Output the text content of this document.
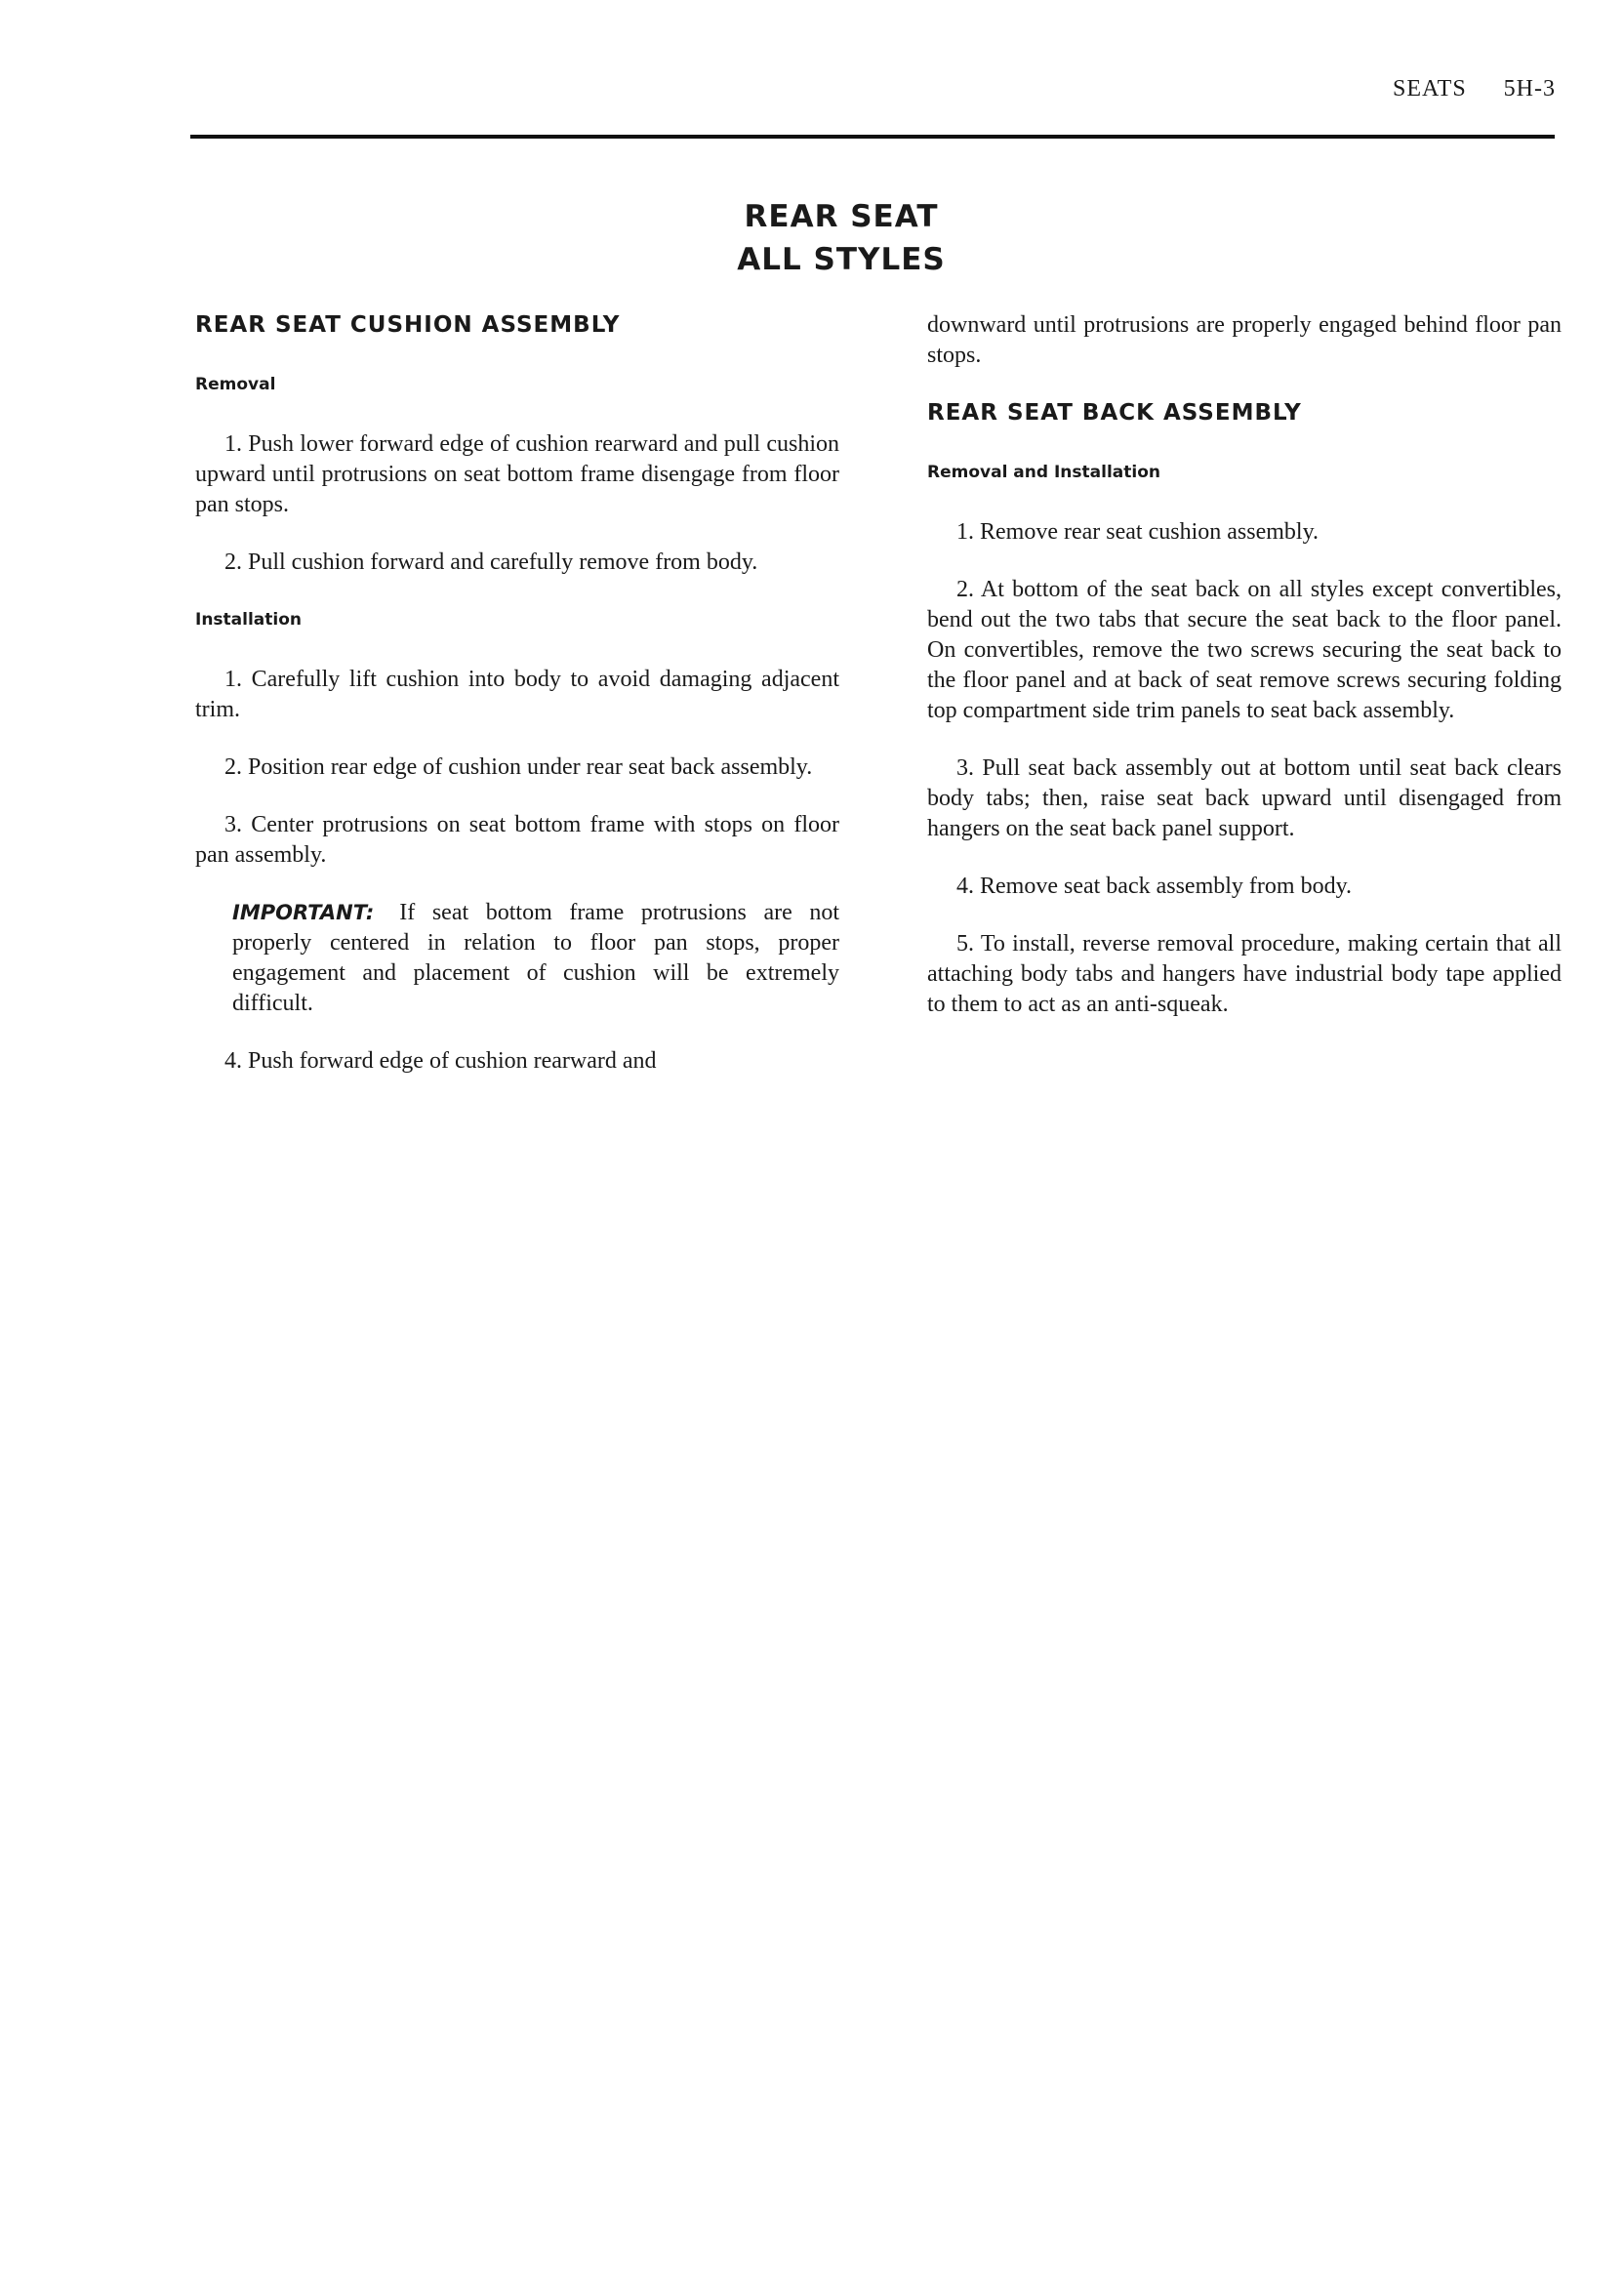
SEATS 5H-3
REAR SEAT
ALL STYLES
REAR SEAT CUSHION ASSEMBLY
Removal

1. Push lower forward edge of cushion rearward and pull cushion upward until protrusions on seat bottom frame disengage from floor pan stops.

2. Pull cushion forward and carefully remove from body.

Installation

1. Carefully lift cushion into body to avoid damaging adjacent trim.

2. Position rear edge of cushion under rear seat back assembly.

3. Center protrusions on seat bottom frame with stops on floor pan assembly.

IMPORTANT: If seat bottom frame protrusions are not properly centered in relation to floor pan stops, proper engagement and placement of cushion will be extremely difficult.

4. Push forward edge of cushion rearward and

downward until protrusions are properly engaged behind floor pan stops.

REAR SEAT BACK ASSEMBLY
Removal and Installation

1. Remove rear seat cushion assembly.

2. At bottom of the seat back on all styles except convertibles, bend out the two tabs that secure the seat back to the floor panel. On convertibles, remove the two screws securing the seat back to the floor panel and at back of seat remove screws securing folding top compartment side trim panels to seat back assembly.

3. Pull seat back assembly out at bottom until seat back clears body tabs; then, raise seat back upward until disengaged from hangers on the seat back panel support.

4. Remove seat back assembly from body.

5. To install, reverse removal procedure, making certain that all attaching body tabs and hangers have industrial body tape applied to them to act as an anti-squeak.
